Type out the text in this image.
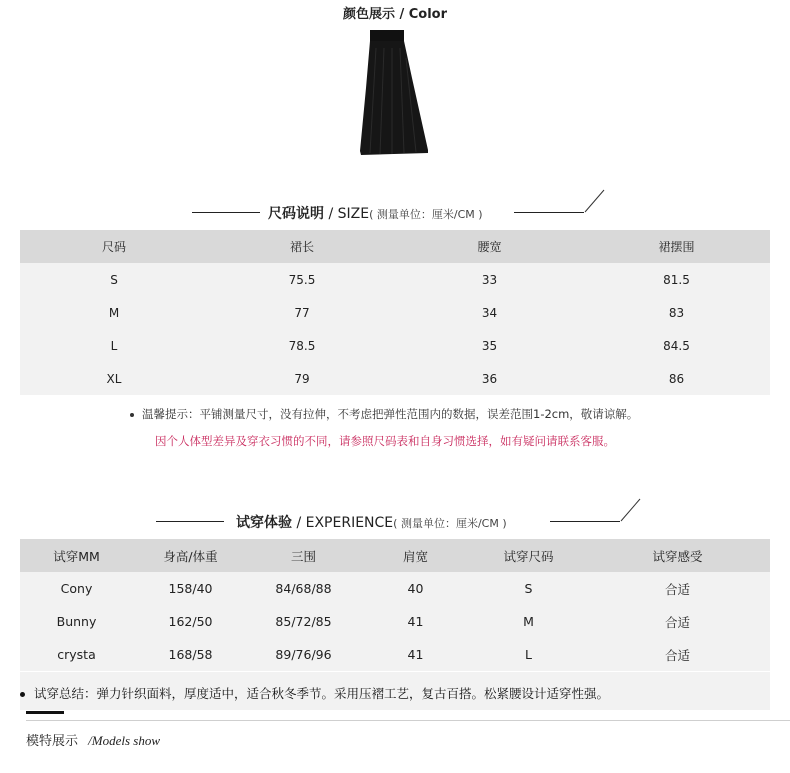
颜色展示 / Color
尺码说明 / SIZE( 测量单位：厘米/CM )
尺码	裙长	腰宽	裙摆围
S	75.5	33	81.5
M	77	34	83
L	78.5	35	84.5
XL	79	36	86
温馨提示：平铺测量尺寸，没有拉伸，不考虑把弹性范围内的数据，误差范围1-2cm，敬请谅解。
因个人体型差异及穿衣习惯的不同，请参照尺码表和自身习惯选择，如有疑问请联系客服。
试穿体验 / EXPERIENCE( 测量单位：厘米/CM )
试穿MM	身高/体重	三围	肩宽	试穿尺码	试穿感受
Cony	158/40	84/68/88	40	S	合适
Bunny	162/50	85/72/85	41	M	合适
crysta	168/58	89/76/96	41	L	合适
试穿总结：弹力针织面料，厚度适中，适合秋冬季节。采用压褶工艺，复古百搭。松紧腰设计适穿性强。
模特展示 /Models show
